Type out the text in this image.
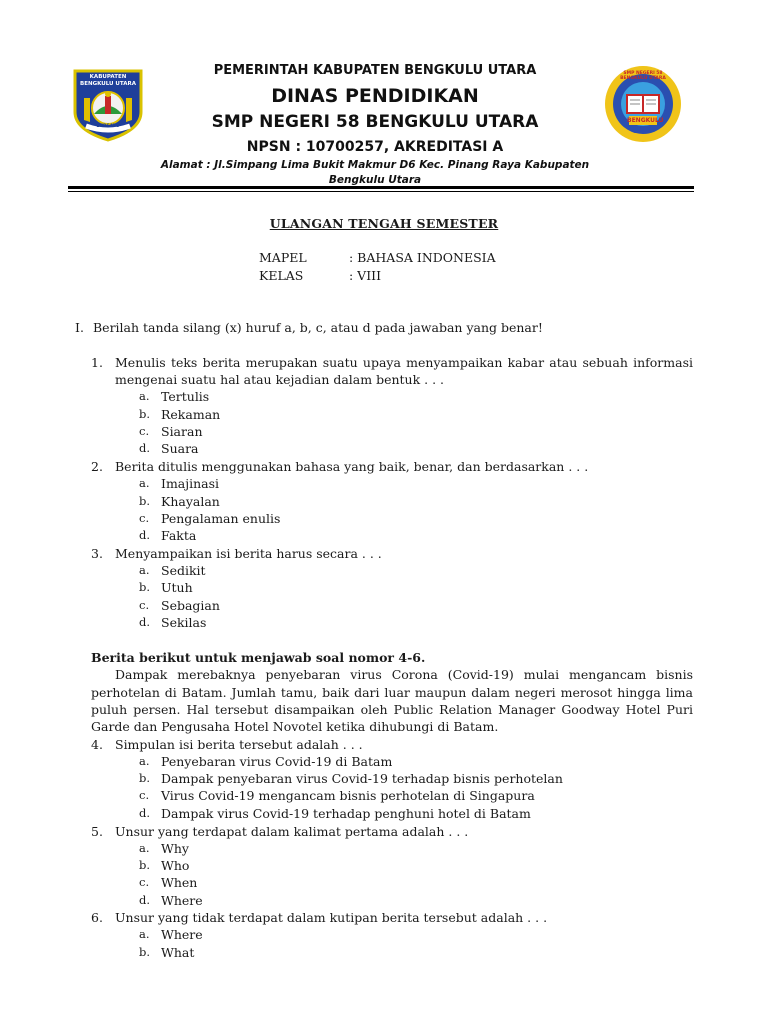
KABUPATEN BENGKULU UTARA
BERSATU
PEMERINTAH KABUPATEN BENGKULU UTARA
DINAS PENDIDIKAN
SMP NEGERI 58 BENGKULU UTARA
NPSN : 10700257, AKREDITASI A
Alamat : Jl.Simpang Lima Bukit Makmur D6 Kec. Pinang Raya Kabupaten
Bengkulu Utara
SMP NEGERI 58 BENGKULU UTARA
BENGKULU
ULANGAN TENGAH SEMESTER
MAPEL	: BAHASA INDONESIA
KELAS	: VIII
I. Berilah tanda silang (x) huruf a, b, c, atau d pada jawaban yang benar!
1. Menulis teks berita merupakan suatu upaya menyampaikan kabar atau sebuah informasi
mengenai suatu hal atau kejadian dalam bentuk . . .
a. Tertulis
b. Rekaman
c. Siaran
d. Suara
2. Berita ditulis menggunakan bahasa yang baik, benar, dan berdasarkan . . .
a. Imajinasi
b. Khayalan
c. Pengalaman enulis
d. Fakta
3. Menyampaikan isi berita harus secara . . .
a. Sedikit
b. Utuh
c. Sebagian
d. Sekilas
Berita berikut untuk menjawab soal nomor 4-6.
Dampak merebaknya penyebaran virus Corona (Covid-19) mulai mengancam bisnis
perhotelan di Batam. Jumlah tamu, baik dari luar maupun dalam negeri merosot hingga lima
puluh persen. Hal tersebut disampaikan oleh Public Relation Manager Goodway Hotel Puri
Garde dan Pengusaha Hotel Novotel ketika dihubungi di Batam.
4. Simpulan isi berita tersebut adalah . . .
a. Penyebaran virus Covid-19 di Batam
b. Dampak penyebaran virus Covid-19 terhadap bisnis perhotelan
c. Virus Covid-19 mengancam bisnis perhotelan di Singapura
d. Dampak virus Covid-19 terhadap penghuni hotel di Batam
5. Unsur yang terdapat dalam kalimat pertama adalah . . .
a. Why
b. Who
c. When
d. Where
6. Unsur yang tidak terdapat dalam kutipan berita tersebut adalah . . .
a. Where
b. What
